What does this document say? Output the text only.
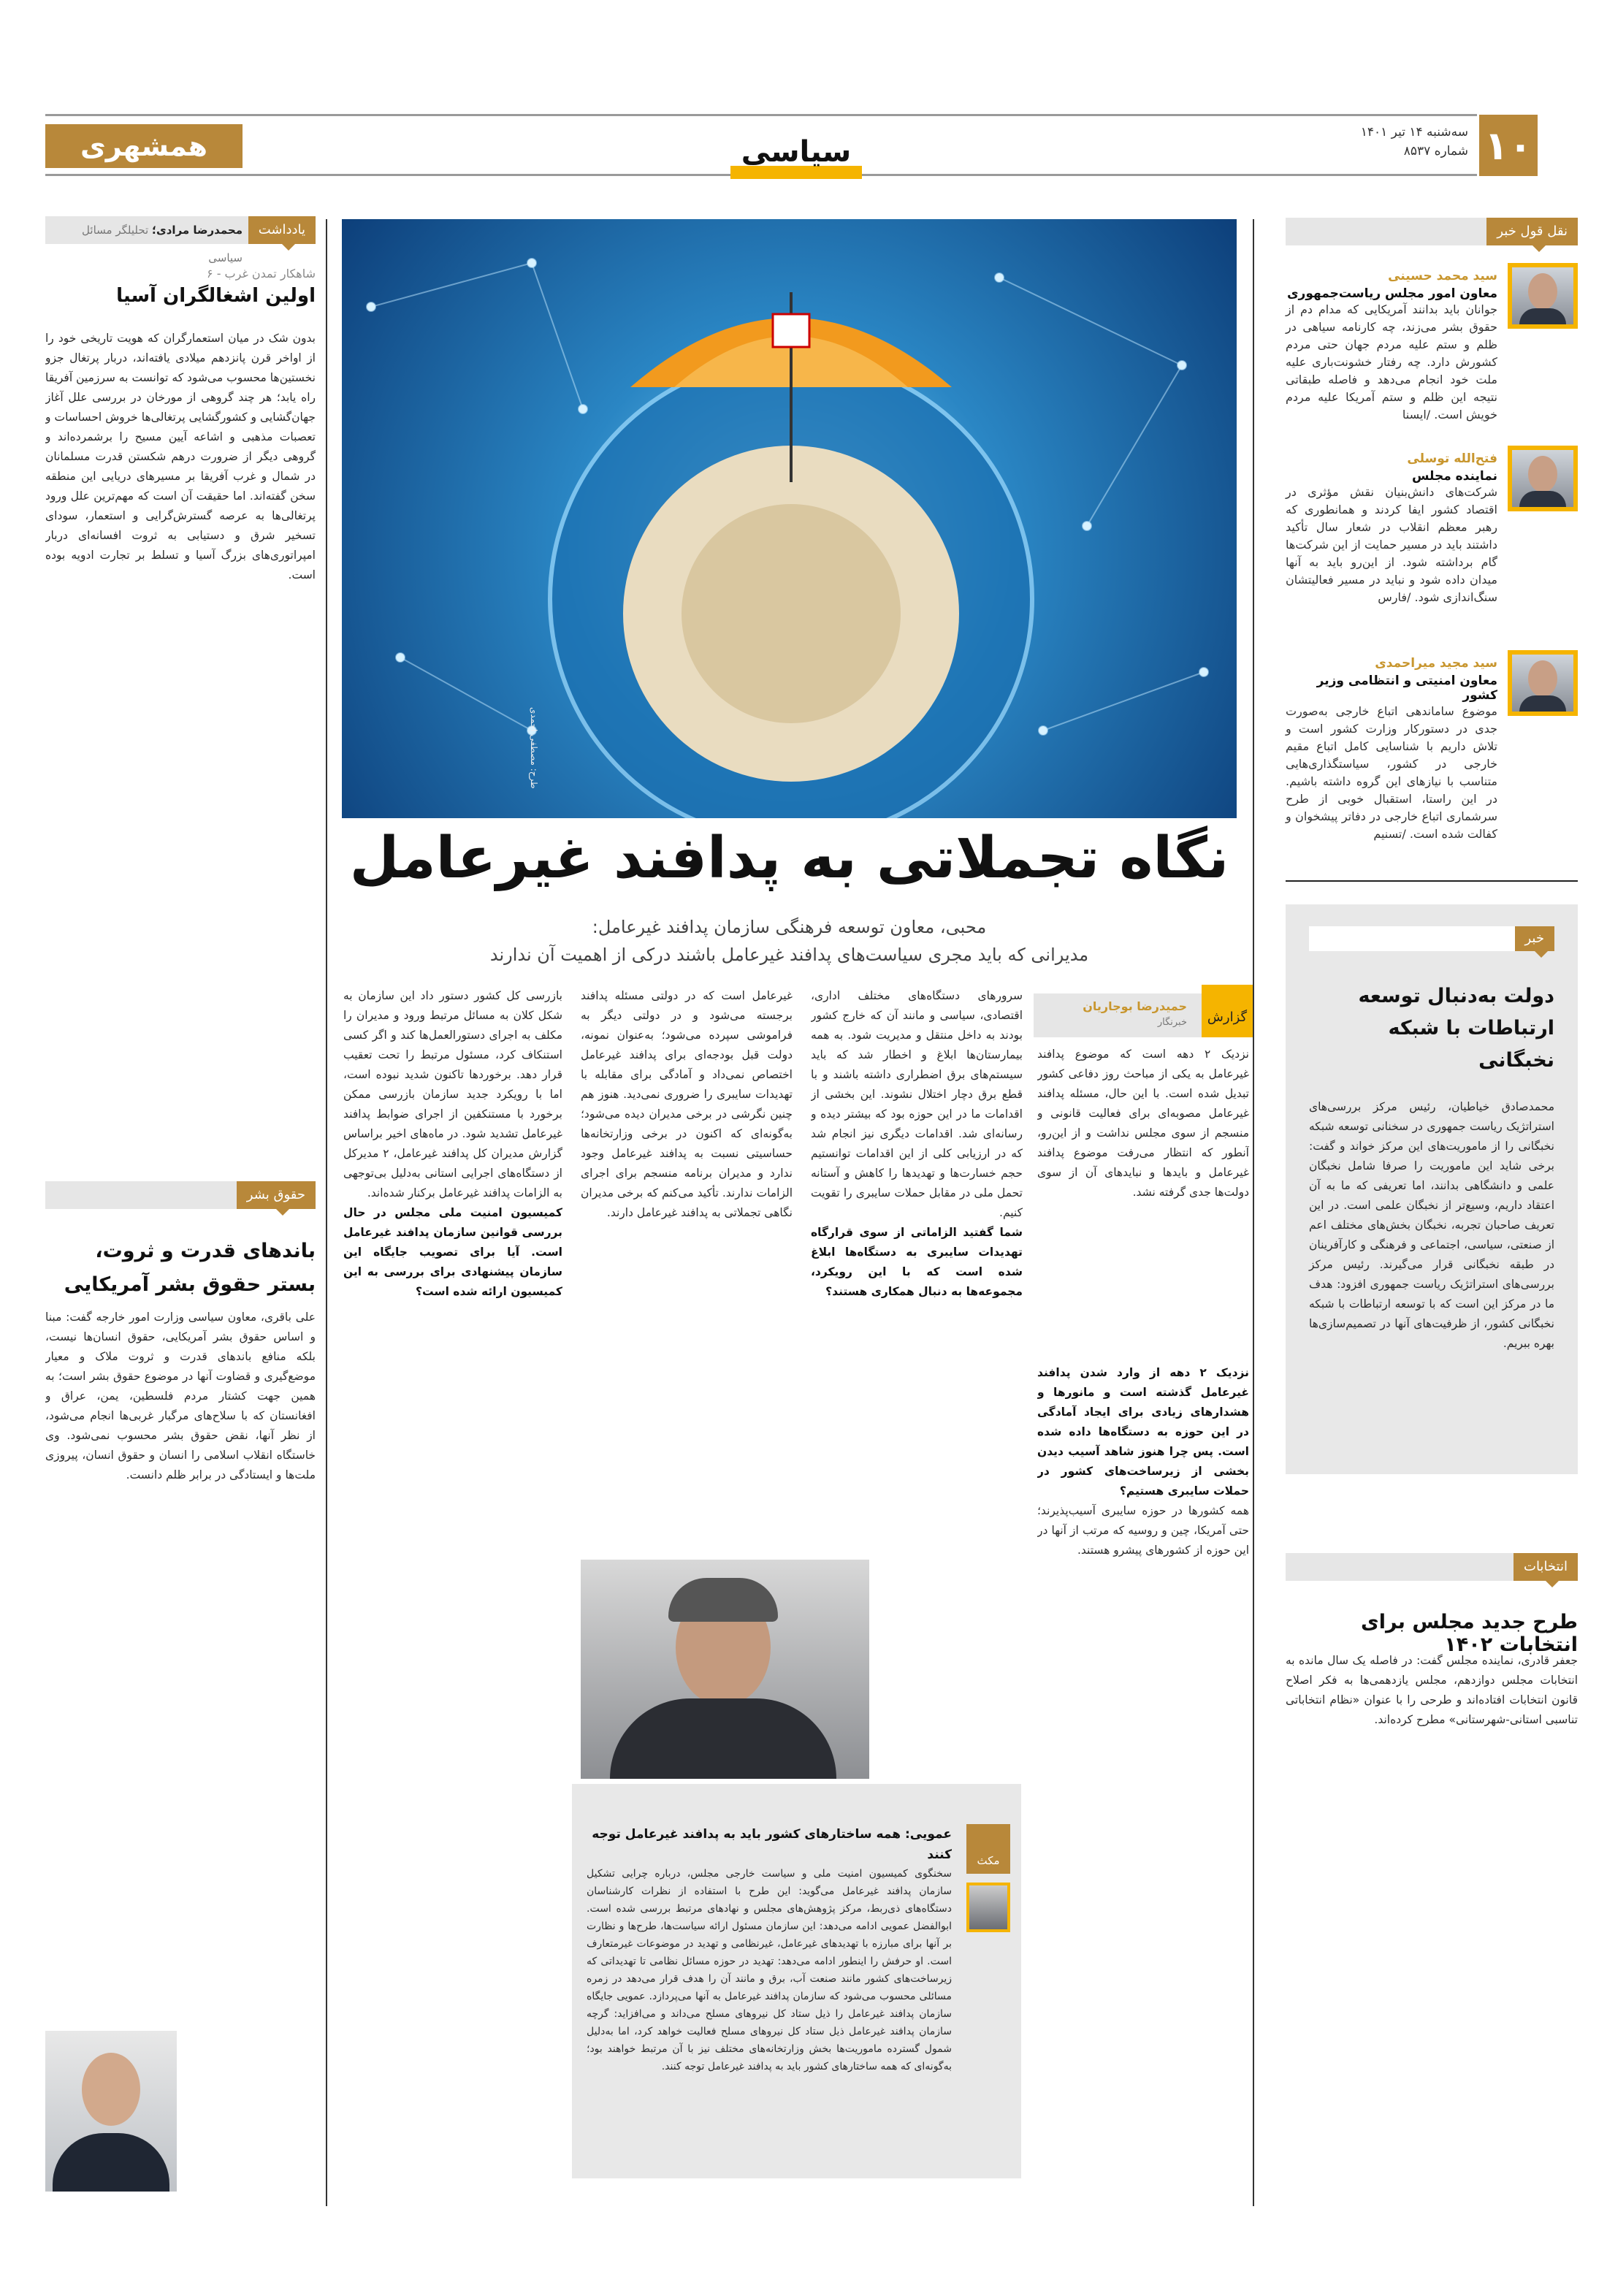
۱۰
سه‌شنبه ۱۴ تیر ۱۴۰۱
شماره ۸۵۳۷
سیاسی
همشهری
نقل قول خبر
سید محمد حسینی
معاون امور مجلس ریاست‌جمهوری
جوانان باید بدانند آمریکایی که مدام دم از حقوق بشر می‌زند، چه کارنامه سیاهی در ظلم و ستم علیه مردم جهان حتی مردم کشورش دارد. چه رفتار خشونت‌باری علیه ملت خود انجام می‌دهد و فاصله طبقاتی نتیجه این ظلم و ستم آمریکا علیه مردم خویش است. /ایسنا
فتح‌الله توسلی
نماینده مجلس
شرکت‌های دانش‌بنیان نقش مؤثری در اقتصاد کشور ایفا کردند و همانطوری که رهبر معظم انقلاب در شعار سال تأکید داشتند باید در مسیر حمایت از این شرکت‌ها گام برداشته شود. از این‌رو باید به آنها میدان داده شود و نباید در مسیر فعالیتشان سنگ‌اندازی شود. /فارس
سید مجید میراحمدی
معاون امنیتی و انتظامی وزیر کشور
موضوع ساماندهی اتباع خارجی به‌صورت جدی در دستورکار وزارت کشور است و تلاش داریم با شناسایی کامل اتباع مقیم خارجی در کشور، سیاستگذاری‌هایی متناسب با نیازهای این گروه داشته باشیم. در این راستا، استقبال خوبی از طرح سرشماری اتباع خارجی در دفاتر پیشخوان و کفالت شده است. /تسنیم
خبر
دولت به‌دنبال توسعه ارتباطات با شبکه نخبگانی
محمدصادق خیاطیان، رئیس مرکز بررسی‌های استراتژیک ریاست جمهوری در سخنانی توسعه شبکه نخبگانی را از ماموریت‌های این مرکز خواند و گفت: برخی شاید این ماموریت را صرفا شامل نخبگان علمی و دانشگاهی بدانند، اما تعریفی که ما به آن اعتقاد داریم، وسیع‌تر از نخبگان علمی است. در این تعریف صاحبان تجربه، نخبگان بخش‌های مختلف اعم از صنعتی، سیاسی، اجتماعی و فرهنگی و کارآفرینان در طبقه نخبگانی قرار می‌گیرند. رئیس مرکز بررسی‌های استراتژیک ریاست جمهوری افزود: هدف ما در مرکز این است که با توسعه ارتباطات با شبکه نخبگانی کشور، از ظرفیت‌های آنها در تصمیم‌سازی‌ها بهره ببریم.
انتخابات
طرح جدید مجلس برای انتخابات ۱۴۰۲
جعفر قادری، نماینده مجلس گفت: در فاصله یک سال مانده به انتخابات مجلس دوازدهم، مجلس یازدهمی‌ها به فکر اصلاح قانون انتخابات افتاده‌اند و طرحی را با عنوان «نظام انتخاباتی تناسبی استانی-شهرستانی» مطرح کرده‌اند.
یادداشت
محمدرضا مرادی؛ تحلیلگر مسائل سیاسی
شاهکار تمدن غرب - ۶
اولین اشغالگران آسیا
بدون شک در میان استعمارگران که هویت تاریخی خود را از اواخر قرن پانزدهم میلادی یافته‌اند، دربار پرتغال جزو نخستین‌ها محسوب می‌شود که توانست به سرزمین آفریقا راه یابد؛ هر چند گروهی از مورخان در بررسی علل آغاز جهان‌گشایی و کشورگشایی پرتغالی‌ها خروش احساسات و تعصبات مذهبی و اشاعه آیین مسیح را برشمرده‌اند و گروهی دیگر از ضرورت درهم شکستن قدرت مسلمانان در شمال و غرب آفریقا بر مسیرهای دریایی این منطقه سخن گفته‌اند. اما حقیقت آن است که مهم‌ترین علل ورود پرتغالی‌ها به عرصه گسترش‌گرایی و استعمار، سودای تسخیر شرق و دستیابی به ثروت افسانه‌ای دربار امپراتوری‌های بزرگ آسیا و تسلط بر تجارت ادویه بوده است.
حقوق بشر
باندهای قدرت و ثروت، بستر حقوق بشر آمریکایی
علی باقری، معاون سیاسی وزارت امور خارجه گفت: مبنا و اساس حقوق بشر آمریکایی، حقوق انسان‌ها نیست، بلکه منافع باندهای قدرت و ثروت ملاک و معیار موضع‌گیری و قضاوت آنها در موضوع حقوق بشر است؛ به همین جهت کشتار مردم فلسطین، یمن، عراق و افغانستان که با سلاح‌های مرگبار غربی‌ها انجام می‌شود، از نظر آنها، نقض حقوق بشر محسوب نمی‌شود. وی خاستگاه انقلاب اسلامی را انسان و حقوق انسان، پیروزی ملت‌ها و ایستادگی در برابر ظلم دانست.
طرح: مصطفی احمدی
نگاه تجملاتی به پدافند غیرعامل
محبی، معاون توسعه فرهنگی سازمان پدافند غیرعامل:
مدیرانی که باید مجری سیاست‌های پدافند غیرعامل باشند درکی از اهمیت آن ندارند
گزارش
حمیدرضا بوجاریان
خبرنگار
نزدیک ۲ دهه است که موضوع پدافند غیرعامل به یکی از مباحث روز دفاعی کشور تبدیل شده است. با این حال، مسئله پدافند غیرعامل مصوبه‌ای برای فعالیت قانونی و منسجم از سوی مجلس نداشت و از این‌رو، آنطور که انتظار می‌رفت موضوع پدافند غیرعامل و بایدها و نبایدهای آن از سوی دولت‌ها جدی گرفته نشد.
نزدیک ۲ دهه از وارد شدن پدافند غیرعامل گذشته است و مانورها و هشدارهای زیادی برای ایجاد آمادگی در این حوزه به دستگاه‌ها داده شده است. پس چرا هنوز شاهد آسیب دیدن بخشی از زیرساخت‌های کشور در حملات سایبری هستیم؟
همه کشورها در حوزه سایبری آسیب‌پذیرند؛ حتی آمریکا، چین و روسیه که مرتب از آنها در این حوزه از کشورهای پیشرو هستند.
سرورهای دستگاه‌های مختلف اداری، اقتصادی، سیاسی و مانند آن که خارج کشور بودند به داخل منتقل و مدیریت شود. به همه بیمارستان‌ها ابلاغ و اخطار شد که باید سیستم‌های برق اضطراری داشته باشند و با قطع برق دچار اختلال نشوند. این بخشی از اقدامات ما در این حوزه بود که بیشتر دیده و رسانه‌ای شد. اقدامات دیگری نیز انجام شد که در ارزیابی کلی از این اقدامات توانستیم حجم خسارت‌ها و تهدیدها را کاهش و آستانه تحمل ملی در مقابل حملات سایبری را تقویت کنیم.
شما گفتید الزاماتی از سوی قرارگاه تهدیدات سایبری به دستگاه‌ها ابلاغ شده است که با این رویکرد، مجموعه‌ها به دنبال همکاری هستند؟
غیرعامل است که در دولتی مسئله پدافند برجسته می‌شود و در دولتی دیگر به فراموشی سپرده می‌شود؛ به‌عنوان نمونه، دولت قبل بودجه‌ای برای پدافند غیرعامل اختصاص نمی‌داد و آمادگی برای مقابله با تهدیدات سایبری را ضروری نمی‌دید. هنوز هم چنین نگرشی در برخی مدیران دیده می‌شود؛ به‌گونه‌ای که اکنون در برخی وزارتخانه‌ها حساسیتی نسبت به پدافند غیرعامل وجود ندارد و مدیران برنامه منسجم برای اجرای الزامات ندارند. تأکید می‌کنم که برخی مدیران نگاهی تجملاتی به پدافند غیرعامل دارند.
بازرسی کل کشور دستور داد این سازمان به شکل کلان به مسائل مرتبط ورود و مدیران را مکلف به اجرای دستورالعمل‌ها کند و اگر کسی استنکاف کرد، مسئول مرتبط را تحت تعقیب قرار دهد. برخوردها تاکنون شدید نبوده است، اما با رویکرد جدید سازمان بازرسی ممکن برخورد با مستنکفین از اجرای ضوابط پدافند غیرعامل تشدید شود. در ماه‌های اخیر براساس گزارش مدیران کل پدافند غیرعامل، ۲ مدیرکل از دستگاه‌های اجرایی استانی به‌دلیل بی‌توجهی به الزامات پدافند غیرعامل برکنار شده‌اند.
کمیسیون امنیت ملی مجلس در حال بررسی قوانین سازمان پدافند غیرعامل است. آیا برای تصویب جایگاه این سازمان پیشنهادی برای بررسی به این کمیسیون ارائه شده است؟
مکث
عمویی: همه ساختارهای کشور باید به پدافند غیرعامل توجه کنند
سخنگوی کمیسیون امنیت ملی و سیاست خارجی مجلس، درباره چرایی تشکیل سازمان پدافند غیرعامل می‌گوید: این طرح با استفاده از نظرات کارشناسان دستگاه‌های ذی‌ربط، مرکز پژوهش‌های مجلس و نهادهای مرتبط بررسی شده است. ابوالفضل عمویی ادامه می‌دهد: این سازمان مسئول ارائه سیاست‌ها، طرح‌ها و نظارت بر آنها برای مبارزه با تهدیدهای غیرعامل، غیرنظامی و تهدید در موضوعات غیرمتعارف است. او حرفش را اینطور ادامه می‌دهد: تهدید در حوزه مسائل نظامی تا تهدیداتی که زیرساخت‌های کشور مانند صنعت آب، برق و مانند آن را هدف قرار می‌دهد در زمره مسائلی محسوب می‌شود که سازمان پدافند غیرعامل به آنها می‌پردازد. عمویی جایگاه سازمان پدافند غیرعامل را ذیل ستاد کل نیروهای مسلح می‌داند و می‌افزاید: گرچه سازمان پدافند غیرعامل ذیل ستاد کل نیروهای مسلح فعالیت خواهد کرد، اما به‌دلیل شمول گسترده ماموریت‌ها بخش وزارتخانه‌های مختلف نیز با آن مرتبط خواهند بود؛ به‌گونه‌ای که همه ساختارهای کشور باید به پدافند غیرعامل توجه کنند.
